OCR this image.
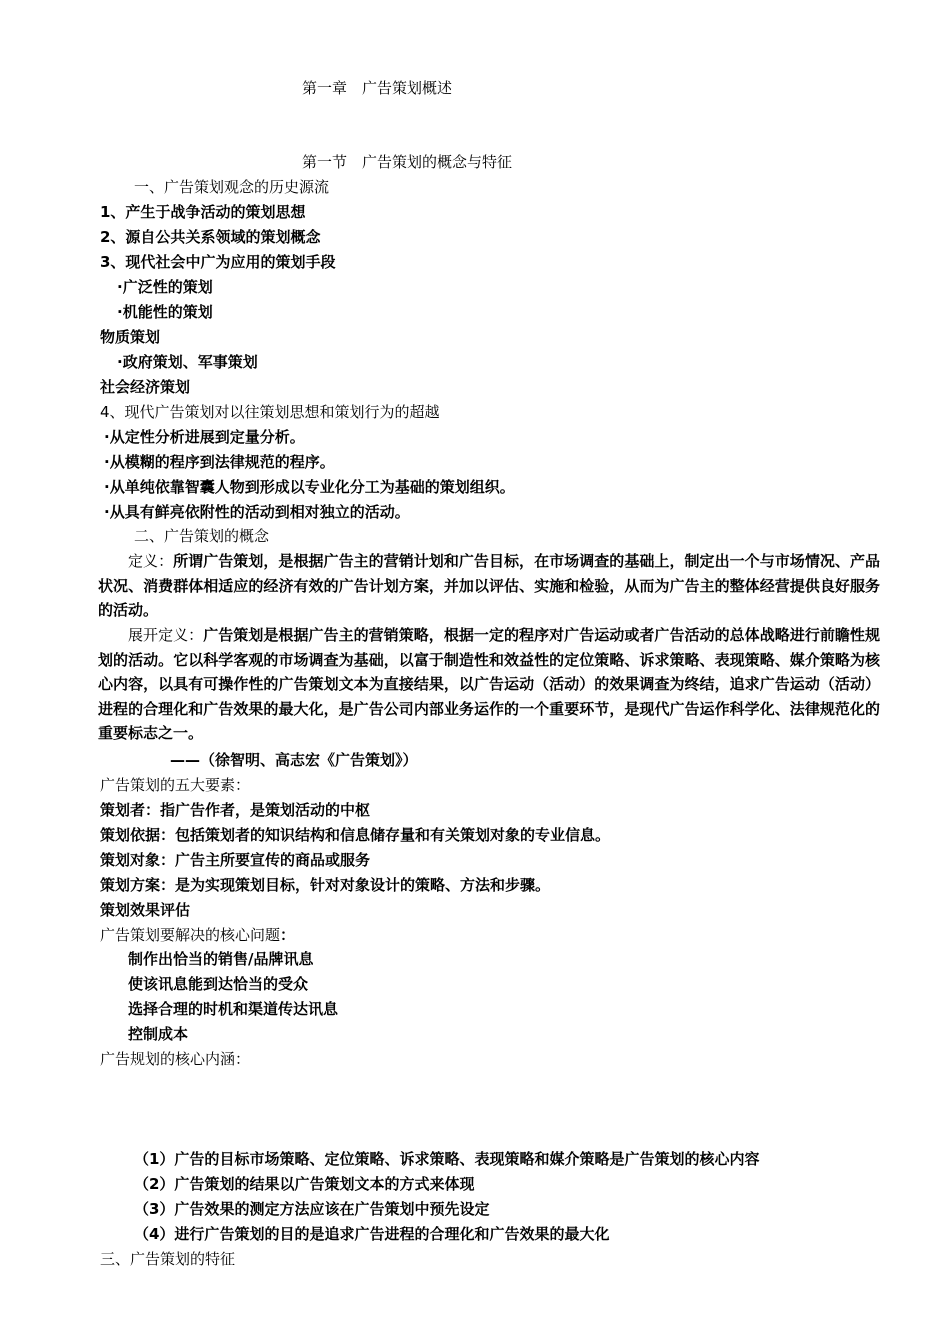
第一章　广告策划概述
第一节　广告策划的概念与特征
一、广告策划观念的历史源流
1、产生于战争活动的策划思想
2、源自公共关系领域的策划概念
3、现代社会中广为应用的策划手段
·广泛性的策划
·机能性的策划
物质策划
·政府策划、军事策划
社会经济策划
4、现代广告策划对以往策划思想和策划行为的超越
·从定性分析进展到定量分析。
·从模糊的程序到法律规范的程序。
·从单纯依靠智囊人物到形成以专业化分工为基础的策划组织。
·从具有鲜亮依附性的活动到相对独立的活动。
二、广告策划的概念
定义：所谓广告策划，是根据广告主的营销计划和广告目标，在市场调查的基础上，制定出一个与市场情况、产品状况、消费群体相适应的经济有效的广告计划方案，并加以评估、实施和检验，从而为广告主的整体经营提供良好服务的活动。
展开定义：广告策划是根据广告主的营销策略，根据一定的程序对广告运动或者广告活动的总体战略进行前瞻性规划的活动。它以科学客观的市场调查为基础，以富于制造性和效益性的定位策略、诉求策略、表现策略、媒介策略为核心内容，以具有可操作性的广告策划文本为直接结果，以广告运动（活动）的效果调查为终结，追求广告运动（活动）进程的合理化和广告效果的最大化，是广告公司内部业务运作的一个重要环节，是现代广告运作科学化、法律规范化的重要标志之一。
——（徐智明、高志宏《广告策划》）
广告策划的五大要素：
策划者：指广告作者，是策划活动的中枢
策划依据：包括策划者的知识结构和信息储存量和有关策划对象的专业信息。
策划对象：广告主所要宣传的商品或服务
策划方案：是为实现策划目标，针对对象设计的策略、方法和步骤。
策划效果评估
广告策划要解决的核心问题：
制作出恰当的销售/品牌讯息
使该讯息能到达恰当的受众
选择合理的时机和渠道传达讯息
控制成本
广告规划的核心内涵：
（1）广告的目标市场策略、定位策略、诉求策略、表现策略和媒介策略是广告策划的核心内容
（2）广告策划的结果以广告策划文本的方式来体现
（3）广告效果的测定方法应该在广告策划中预先设定
（4）进行广告策划的目的是追求广告进程的合理化和广告效果的最大化
三、广告策划的特征
